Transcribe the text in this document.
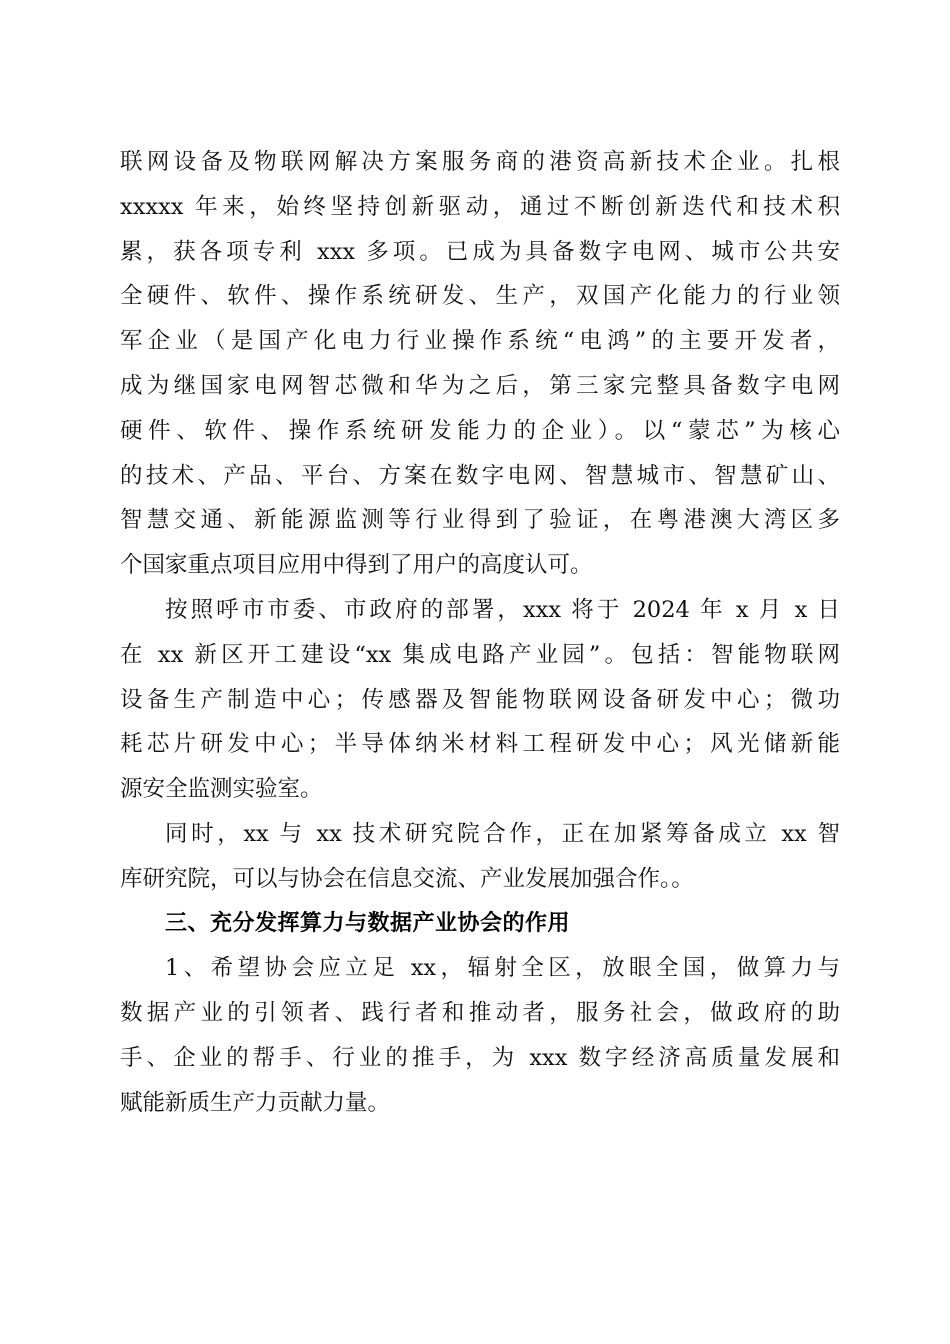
联网设备及物联网解决方案服务商的港资高新技术企业。扎根
xxxxx 年来，始终坚持创新驱动，通过不断创新迭代和技术积
累，获各项专利 xxx 多项。已成为具备数字电网、城市公共安
全硬件、软件、操作系统研发、生产，双国产化能力的行业领
军企业（是国产化电力行业操作系统“电鸿”的主要开发者，
成为继国家电网智芯微和华为之后，第三家完整具备数字电网
硬件、软件、操作系统研发能力的企业）。以“蒙芯”为核心
的技术、产品、平台、方案在数字电网、智慧城市、智慧矿山、
智慧交通、新能源监测等行业得到了验证，在粤港澳大湾区多
个国家重点项目应用中得到了用户的高度认可。
按照呼市市委、市政府的部署，xxx 将于 2024 年 x 月 x 日
在 xx 新区开工建设“xx 集成电路产业园”。包括：智能物联网
设备生产制造中心；传感器及智能物联网设备研发中心；微功
耗芯片研发中心；半导体纳米材料工程研发中心；风光储新能
源安全监测实验室。
同时，xx 与 xx 技术研究院合作，正在加紧筹备成立 xx 智
库研究院，可以与协会在信息交流、产业发展加强合作。。
三、充分发挥算力与数据产业协会的作用
1、希望协会应立足 xx，辐射全区，放眼全国，做算力与
数据产业的引领者、践行者和推动者，服务社会，做政府的助
手、企业的帮手、行业的推手，为 xxx 数字经济高质量发展和
赋能新质生产力贡献力量。
